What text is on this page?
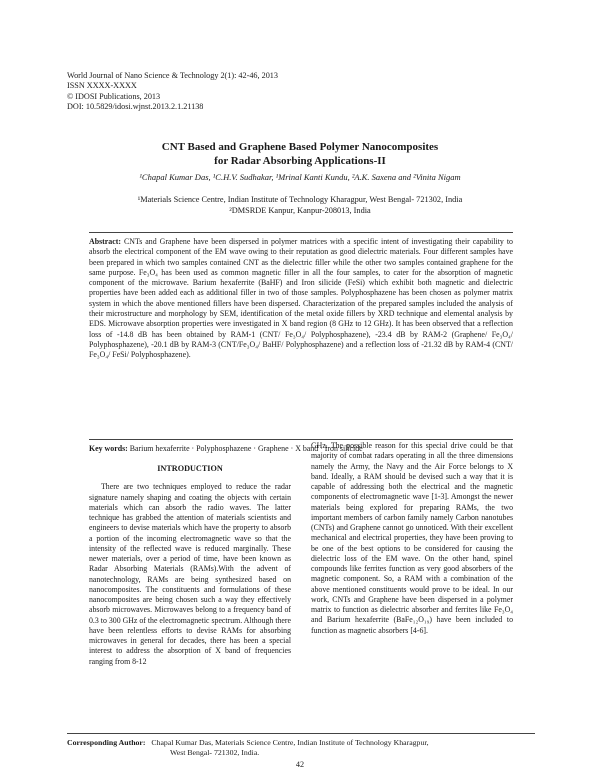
World Journal of Nano Science & Technology 2(1): 42-46, 2013
ISSN XXXX-XXXX
© IDOSI Publications, 2013
DOI: 10.5829/idosi.wjnst.2013.2.1.21138
CNT Based and Graphene Based Polymer Nanocomposites
for Radar Absorbing Applications-II
¹Chapal Kumar Das, ¹C.H.V. Sudhakar, ¹Mrinal Kanti Kundu, ²A.K. Saxena and ²Vinita Nigam
¹Materials Science Centre, Indian Institute of Technology Kharagpur, West Bengal- 721302, India
²DMSRDE Kanpur, Kanpur-208013, India
Abstract: CNTs and Graphene have been dispersed in polymer matrices with a specific intent of investigating their capability to absorb the electrical component of the EM wave owing to their reputation as good dielectric materials. Four different samples have been prepared in which two samples contained CNT as the dielectric filler while the other two samples contained graphene for the same purpose. Fe₃O₄ has been used as common magnetic filler in all the four samples, to cater for the absorption of magnetic component of the microwave. Barium hexaferrite (BaHF) and Iron silicide (FeSi) which exhibit both magnetic and dielectric properties have been added each as additional filler in two of those samples. Polyphosphazene has been chosen as polymer matrix system in which the above mentioned fillers have been dispersed. Characterization of the prepared samples included the analysis of their microstructure and morphology by SEM, identification of the metal oxide fillers by XRD technique and elemental analysis by EDS. Microwave absorption properties were investigated in X band region (8 GHz to 12 GHz). It has been observed that a reflection loss of -14.8 dB has been obtained by RAM-1 (CNT/ Fe₃O₄/ Polyphosphazene), -23.4 dB by RAM-2 (Graphene/ Fe₃O₄/ Polyphosphazene), -20.1 dB by RAM-3 (CNT/Fe₃O₄/ BaHF/ Polyphosphazene) and a reflection loss of -21.32 dB by RAM-4 (CNT/ Fe₃O₄/ FeSi/ Polyphosphazene).
Key words: Barium hexaferrite · Polyphosphazene · Graphene · X band · Iron silicide
INTRODUCTION

There are two techniques employed to reduce the radar signature namely shaping and coating the objects with certain materials which can absorb the radio waves. The latter technique has grabbed the attention of materials scientists and engineers to devise materials which have the property to absorb a portion of the incoming electromagnetic wave so that the intensity of the reflected wave is reduced marginally. These newer materials, over a period of time, have been known as Radar Absorbing Materials (RAMs).With the advent of nanotechnology, RAMs are being synthesized based on nanocomposites. The constituents and formulations of these nanocomposites are being chosen such a way they effectively absorb microwaves. Microwaves belong to a frequency band of 0.3 to 300 GHz of the electromagnetic spectrum. Although there have been relentless efforts to devise RAMs for absorbing microwaves in general for decades, there has been a special interest to address the absorption of X band of frequencies ranging from 8-12

GHz. The possible reason for this special drive could be that majority of combat radars operating in all the three dimensions namely the Army, the Navy and the Air Force belongs to X band. Ideally, a RAM should be devised such a way that it is capable of addressing both the electrical and the magnetic components of electromagnetic wave [1-3]. Amongst the newer materials being explored for preparing RAMs, the two important members of carbon family namely Carbon nanotubes (CNTs) and Graphene cannot go unnoticed. With their excellent mechanical and electrical properties, they have been proving to be one of the best options to be considered for causing the dielectric loss of the EM wave. On the other hand, spinel compounds like ferrites function as very good absorbers of the magnetic component. So, a RAM with a combination of the above mentioned constituents would prove to be ideal. In our work, CNTs and Graphene have been dispersed in a polymer matrix to function as dielectric absorber and ferrites like Fe₃O₄ and Barium hexaferrite (BaFe₁₂O₁₉) have been included to function as magnetic absorbers [4-6].

Corresponding Author: Chapal Kumar Das, Materials Science Centre, Indian Institute of Technology Kharagpur,
West Bengal- 721302, India.
42
